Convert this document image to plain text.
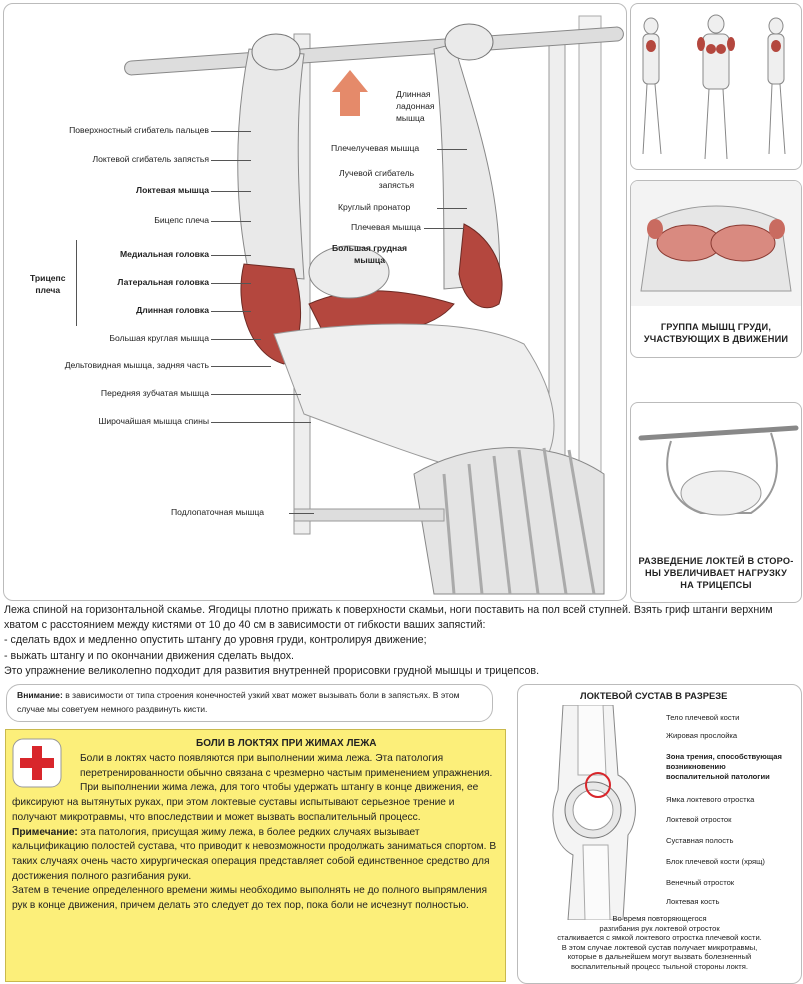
Поверхностный сгибатель пальцев
Локтевой сгибатель запястья
Локтевая мышца
Бицепс плеча
Трицепс
плеча
Медиальная головка
Латеральная головка
Длинная головка
Большая круглая мышца
Дельтовидная мышца, задняя часть
Передняя зубчатая мышца
Широчайшая мышца спины
Подлопаточная мышца
Длинная
ладонная
мышца
Плечелучевая мышца
Лучевой сгибатель
запястья
Круглый пронатор
Плечевая мышца
Большая грудная
мышца
ГРУППА МЫШЦ ГРУДИ,
УЧАСТВУЮЩИХ В ДВИЖЕНИИ
РАЗВЕДЕНИЕ ЛОКТЕЙ В СТОРО-
НЫ УВЕЛИЧИВАЕТ НАГРУЗКУ
НА ТРИЦЕПСЫ

Лежа спиной на горизонтальной скамье. Ягодицы плотно прижать к поверхности скамьи, ноги поставить на пол всей ступней. Взять гриф штанги верхним хватом с расстоянием между кистями от 10 до 40 см в зависимости от гибкости ваших запястий:

- сделать вдох и медленно опустить штангу до уровня груди, контролируя движение;

- выжать штангу и по окончании движения сделать выдох.

Это упражнение великолепно подходит для развития внутренней прорисовки грудной мышцы и трицепсов.

Внимание: в зависимости от типа строения конечностей узкий хват может вызывать боли в запястьях. В этом случае мы советуем немного раздвинуть кисти.
БОЛИ В ЛОКТЯХ ПРИ ЖИМАХ ЛЕЖА

Боли в локтях часто появляются при выполнении жима лежа. Эта патология перетренированности обычно связана с чрезмерно частым применением упражнения.

При выполнении жима лежа, для того чтобы удержать штангу в конце движения, ее фиксируют на вытянутых руках, при этом локтевые суставы испытывают серьезное трение и получают микротравмы, что впоследствии и может вызвать воспалительный процесс.

Примечание: эта патология, присущая жиму лежа, в более редких случаях вызывает кальцификацию полостей сустава, что приводит к невозможности продолжать заниматься спортом. В таких случаях очень часто хирургическая операция представляет собой единственное средство для достижения полного разгибания руки.

Затем в течение определенного времени жимы необходимо выполнять не до полного выпрямления рук в конце движения, причем делать это следует до тех пор, пока боли не исчезнут полностью.

ЛОКТЕВОЙ СУСТАВ В РАЗРЕЗЕ
Тело плечевой кости
Жировая прослойка
Зона трения, способствующая
возникновению
воспалительной патологии
Ямка локтевого отростка
Локтевой отросток
Суставная полость
Блок плечевой кости (хрящ)
Венечный отросток
Локтевая кость
Во время повторяющегося
разгибания рук локтевой отросток
сталкивается с ямкой локтевого отростка плечевой кости.
В этом случае локтевой сустав получает микротравмы,
которые в дальнейшем могут вызвать болезненный
воспалительный процесс тыльной стороны локтя.
